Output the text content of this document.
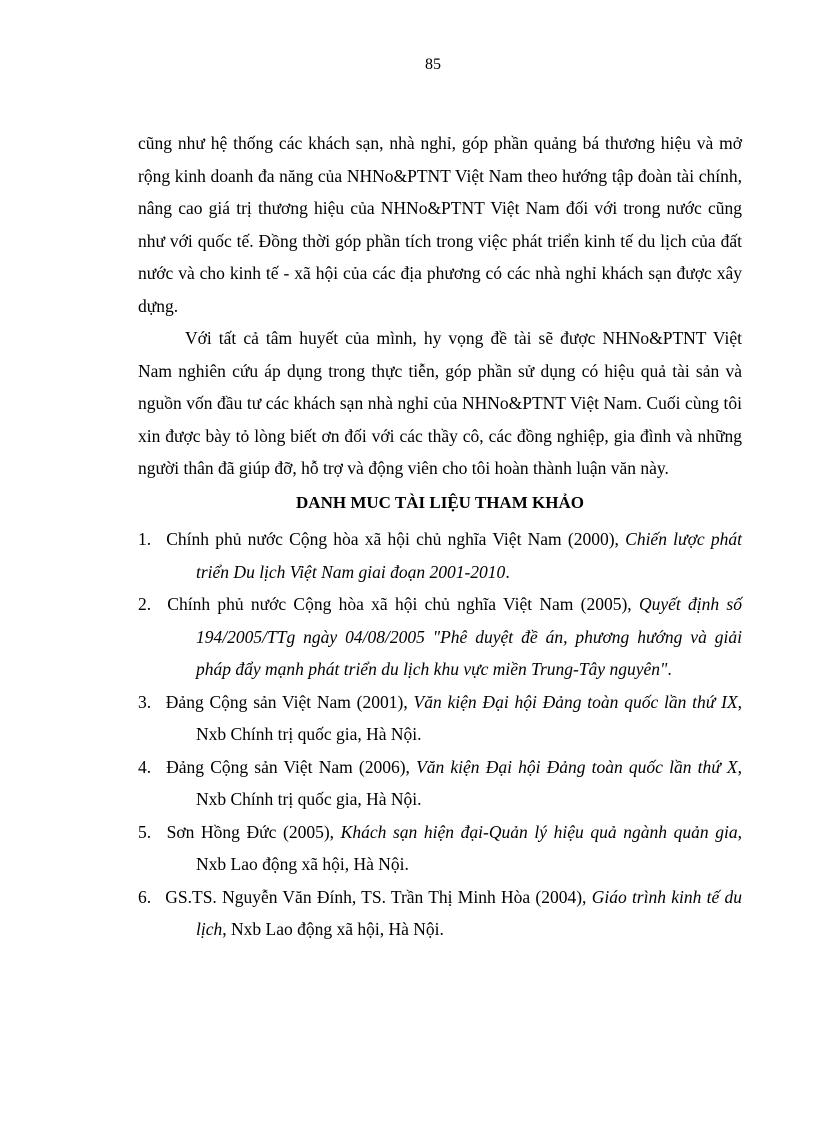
85

cũng như hệ thống các khách sạn, nhà nghỉ, góp phần quảng bá thương hiệu và mở rộng kinh doanh đa năng của NHNo&PTNT Việt Nam theo hướng tập đoàn tài chính, nâng cao giá trị thương hiệu của NHNo&PTNT Việt Nam đối với trong nước cũng như với quốc tế. Đồng thời góp phần tích trong việc phát triển kinh tế du lịch của đất nước và cho kinh tế - xã hội của các địa phương có các nhà nghỉ khách sạn được xây dựng.

Với tất cả tâm huyết của mình, hy vọng đề tài sẽ được NHNo&PTNT Việt Nam nghiên cứu áp dụng trong thực tiễn, góp phần sử dụng có hiệu quả tài sản và nguồn vốn đầu tư các khách sạn nhà nghỉ của NHNo&PTNT Việt Nam. Cuối cùng tôi xin được bày tỏ lòng biết ơn đối với các thầy cô, các đồng nghiệp, gia đình và những người thân đã giúp đỡ, hỗ trợ và động viên cho tôi hoàn thành luận văn này.

DANH MUC TÀI LIỆU THAM KHẢO
1. Chính phủ nước Cộng hòa xã hội chủ nghĩa Việt Nam (2000), Chiến lược phát triển Du lịch Việt Nam giai đoạn 2001-2010.
2. Chính phủ nước Cộng hòa xã hội chủ nghĩa Việt Nam (2005), Quyết định số 194/2005/TTg ngày 04/08/2005 "Phê duyệt đề án, phương hướng và giải pháp đẩy mạnh phát triển du lịch khu vực miền Trung-Tây nguyên".
3. Đảng Cộng sản Việt Nam (2001), Văn kiện Đại hội Đảng toàn quốc lần thứ IX, Nxb Chính trị quốc gia, Hà Nội.
4. Đảng Cộng sản Việt Nam (2006), Văn kiện Đại hội Đảng toàn quốc lần thứ X, Nxb Chính trị quốc gia, Hà Nội.
5. Sơn Hồng Đức (2005), Khách sạn hiện đại-Quản lý hiệu quả ngành quản gia, Nxb Lao động xã hội, Hà Nội.
6. GS.TS. Nguyễn Văn Đính, TS. Trần Thị Minh Hòa (2004), Giáo trình kinh tế du lịch, Nxb Lao động xã hội, Hà Nội.
